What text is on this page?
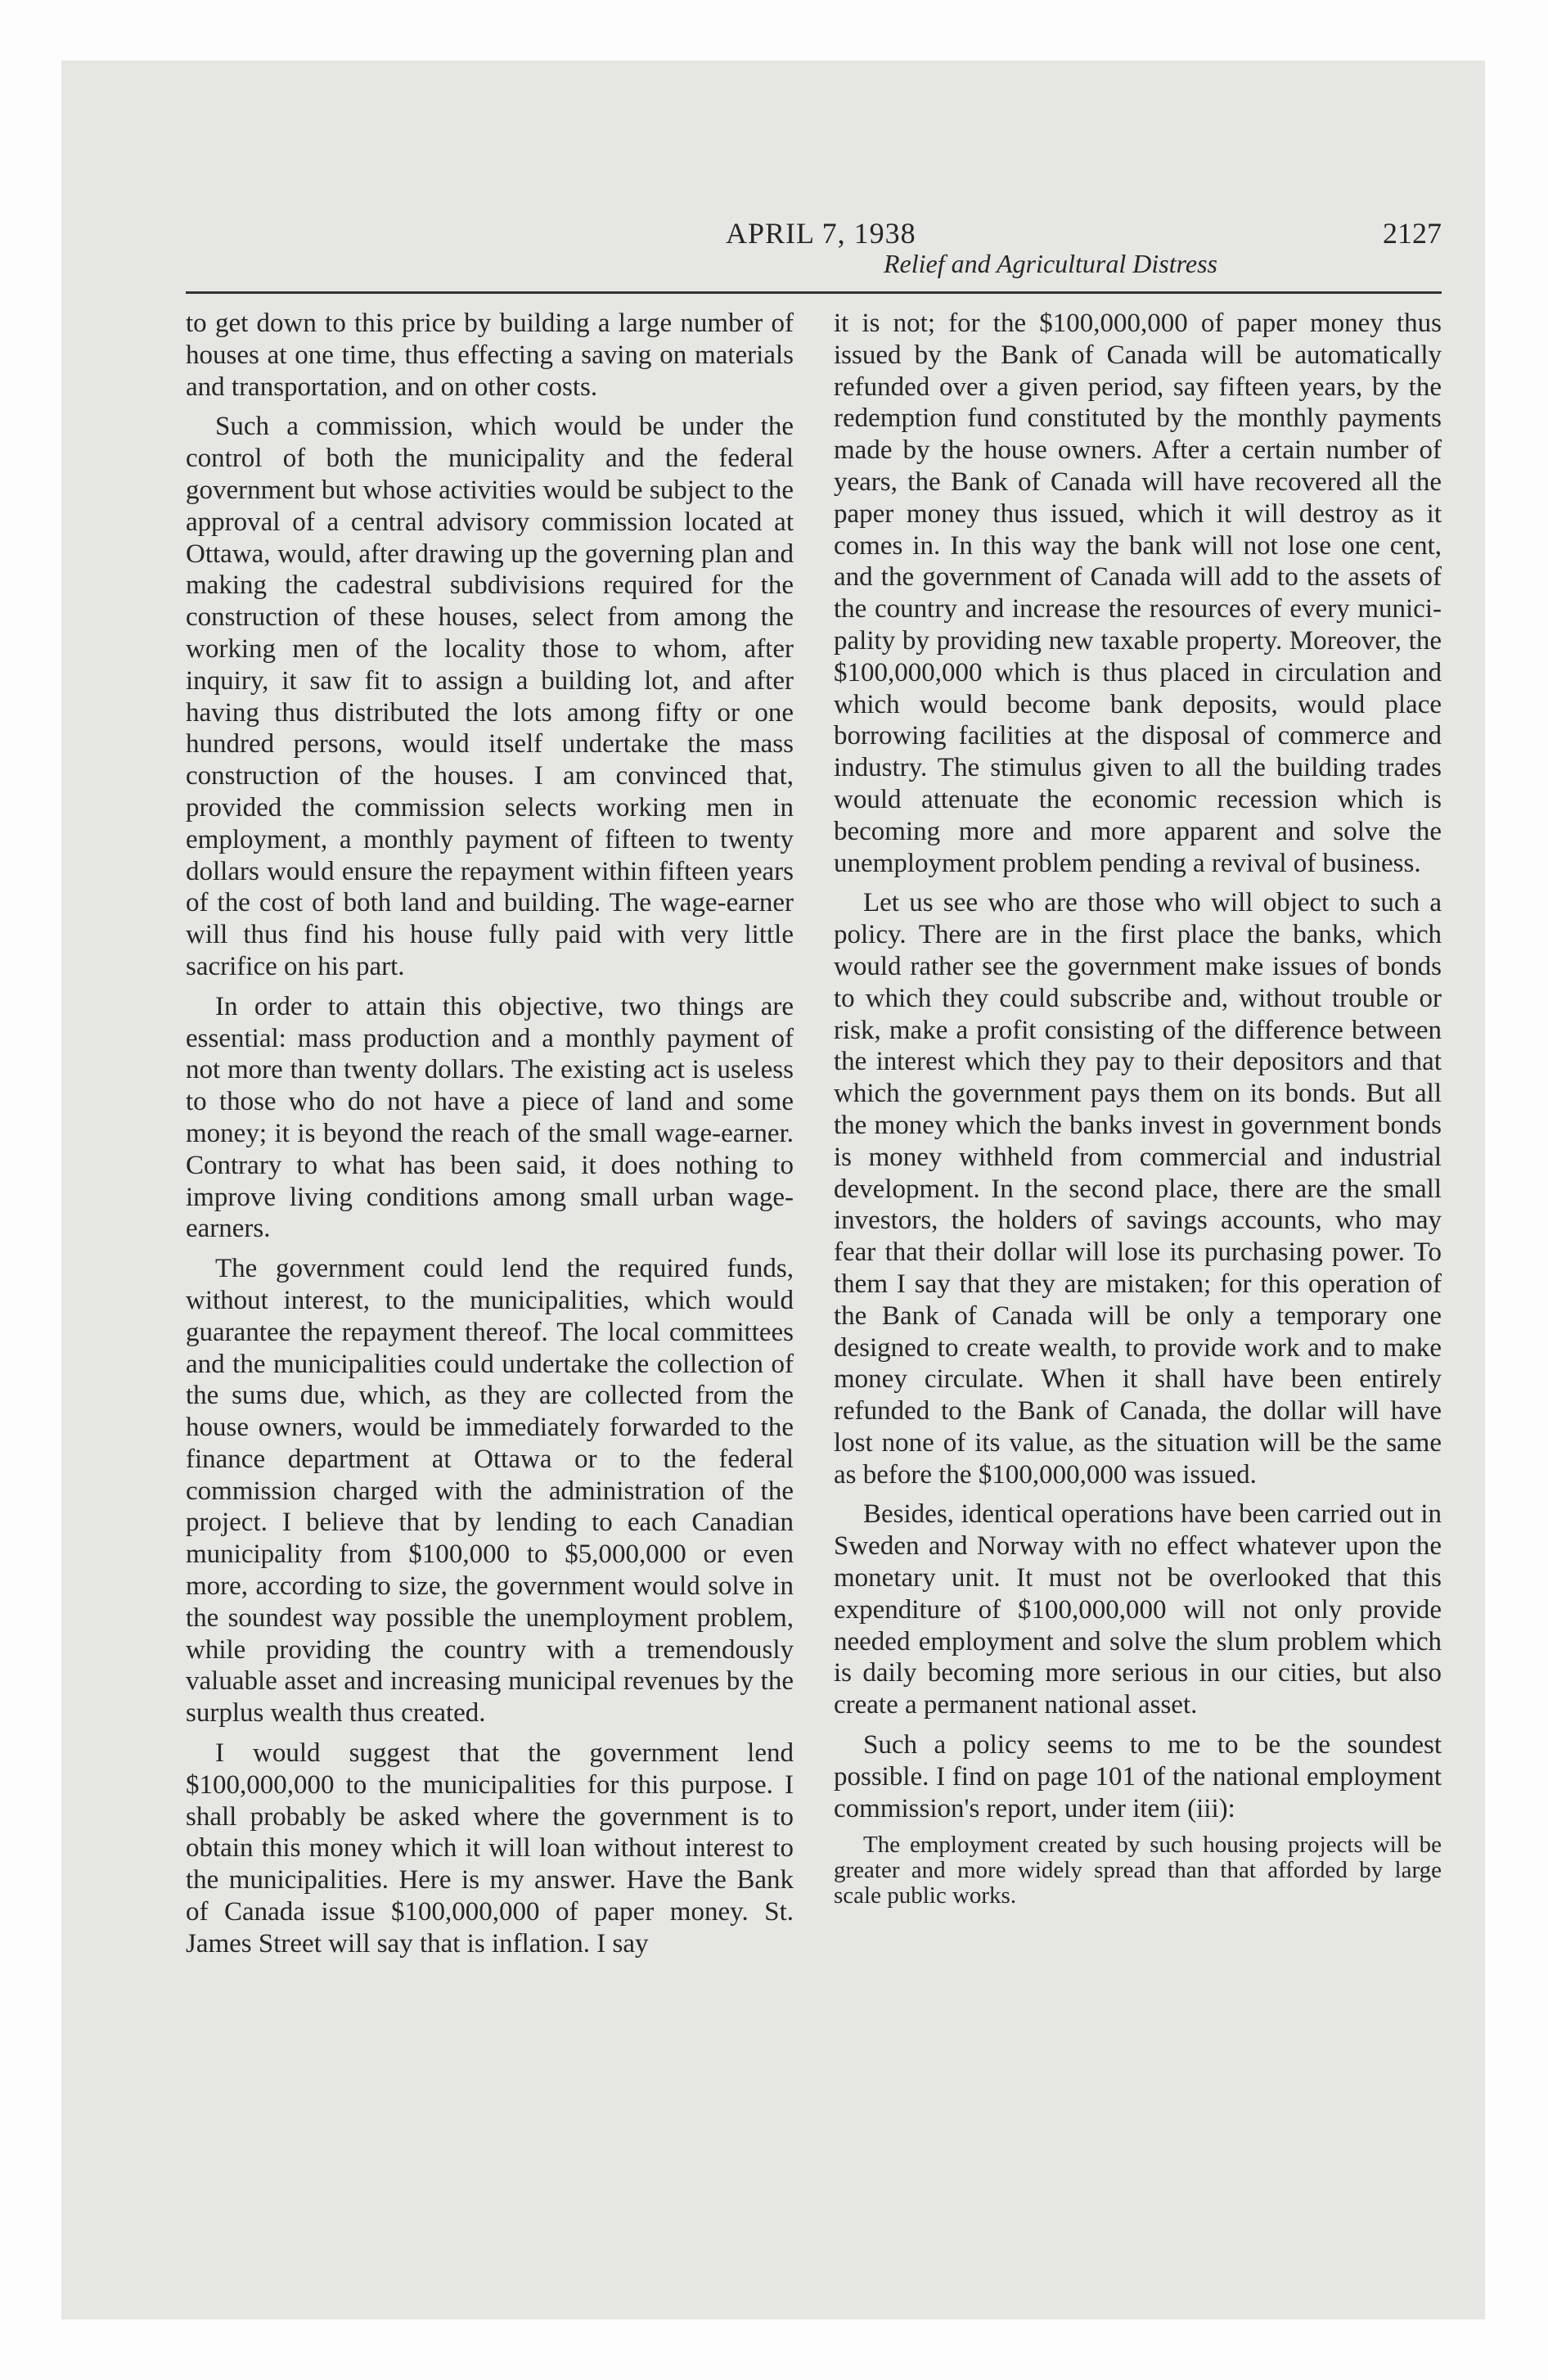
APRIL 7, 1938	2127
Relief and Agricultural Distress

to get down to this price by building a large number of houses at one time, thus effecting a saving on materials and transportation, and on other costs.

Such a commission, which would be under the control of both the municipality and the federal government but whose activities would be subject to the approval of a central advisory commission located at Ottawa, would, after drawing up the governing plan and making the cadestral subdivisions required for the construction of these houses, select from among the working men of the locality those to whom, after inquiry, it saw fit to assign a building lot, and after having thus distributed the lots among fifty or one hundred persons, would itself undertake the mass construction of the houses. I am convinced that, provided the commission selects working men in employment, a monthly payment of fifteen to twenty dollars would ensure the repayment within fifteen years of the cost of both land and building. The wage-earner will thus find his house fully paid with very little sacrifice on his part.

In order to attain this objective, two things are essential: mass production and a monthly payment of not more than twenty dollars. The existing act is useless to those who do not have a piece of land and some money; it is beyond the reach of the small wage-earner. Contrary to what has been said, it does nothing to improve living conditions among small urban wage-earners.

The government could lend the required funds, without interest, to the municipalities, which would guarantee the repayment thereof. The local committees and the municipalities could undertake the collection of the sums due, which, as they are collected from the house owners, would be immediately forwarded to the finance department at Ottawa or to the federal commission charged with the administration of the project. I believe that by lending to each Canadian municipality from $100,000 to $5,000,000 or even more, according to size, the government would solve in the soundest way possible the unemployment problem, while providing the country with a tremendously valuable asset and increasing municipal revenues by the surplus wealth thus created.

I would suggest that the government lend $100,000,000 to the municipalities for this purpose. I shall probably be asked where the government is to obtain this money which it will loan without interest to the municipalities. Here is my answer. Have the Bank of Canada issue $100,000,000 of paper money. St. James Street will say that is inflation. I say

it is not; for the $100,000,000 of paper money thus issued by the Bank of Canada will be automatically refunded over a given period, say fifteen years, by the redemption fund constituted by the monthly payments made by the house owners. After a certain number of years, the Bank of Canada will have recovered all the paper money thus issued, which it will destroy as it comes in. In this way the bank will not lose one cent, and the government of Canada will add to the assets of the country and increase the resources of every municipality by providing new taxable property. Moreover, the $100,000,000 which is thus placed in circulation and which would become bank deposits, would place borrowing facilities at the disposal of commerce and industry. The stimulus given to all the building trades would attenuate the economic recession which is becoming more and more apparent and solve the unemployment problem pending a revival of business.

Let us see who are those who will object to such a policy. There are in the first place the banks, which would rather see the government make issues of bonds to which they could subscribe and, without trouble or risk, make a profit consisting of the difference between the interest which they pay to their depositors and that which the government pays them on its bonds. But all the money which the banks invest in government bonds is money withheld from commercial and industrial development. In the second place, there are the small investors, the holders of savings accounts, who may fear that their dollar will lose its purchasing power. To them I say that they are mistaken; for this operation of the Bank of Canada will be only a temporary one designed to create wealth, to provide work and to make money circulate. When it shall have been entirely refunded to the Bank of Canada, the dollar will have lost none of its value, as the situation will be the same as before the $100,000,000 was issued.

Besides, identical operations have been carried out in Sweden and Norway with no effect whatever upon the monetary unit. It must not be overlooked that this expenditure of $100,000,000 will not only provide needed employment and solve the slum problem which is daily becoming more serious in our cities, but also create a permanent national asset.

Such a policy seems to me to be the soundest possible. I find on page 101 of the national employment commission's report, under item (iii):

The employment created by such housing projects will be greater and more widely spread than that afforded by large scale public works.
